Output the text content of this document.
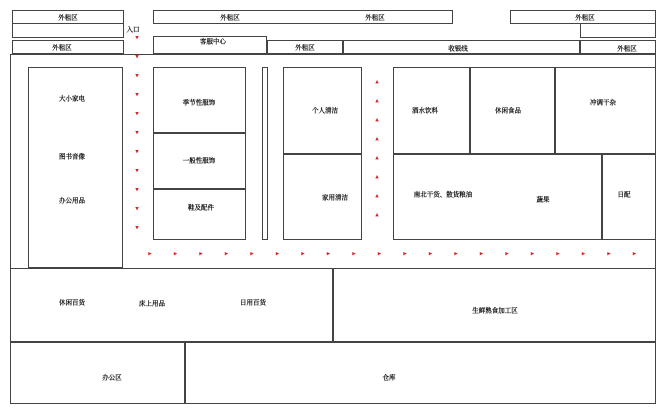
外租区	外租区	外租区	外租区
入口
外租区
客服中心
外租区	收银线	外租区
大小家电
图书音像
办公用品
季节性服饰
一般性服饰
鞋及配件
个人清洁
家用清洁
酒水饮料	休闲食品
冲调干杂
南北干货、散货粮油
蔬果
日配
休闲百货	床上用品	日用百货
生鲜熟食加工区
办公区	仓库
▾
▾
▾
▾
▾
▾
▾
▾
▾
▾
▾
▸	▸	▸	▸	▸	▸	▸	▸	▸	▸	▸	▸	▸	▸	▸	▸	▸	▸	▸	▸
▴
▴
▴
▴
▴
▴
▴
▴
